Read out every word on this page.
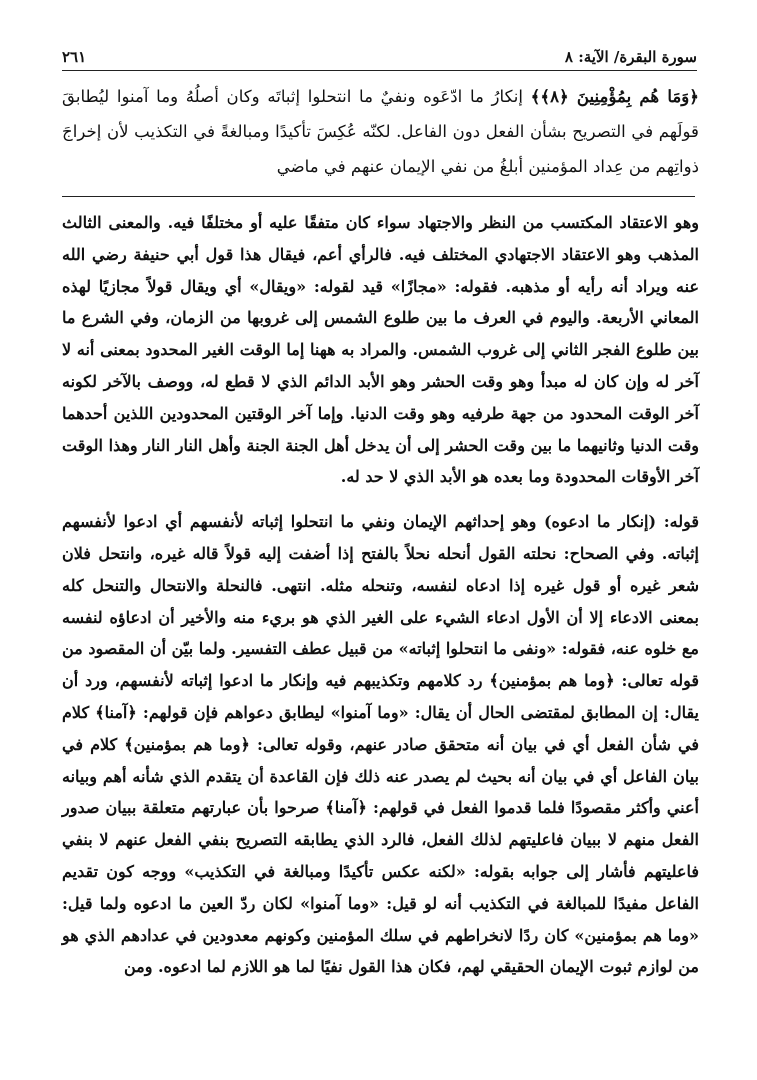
سورة البقرة/ الآية: ٨
٢٦١
﴿وَمَا هُم بِمُؤْمِنِينَ ﴿٨﴾﴾ إنكارُ ما ادّعَوه ونفيٌ ما انتحلوا إثباتَه وكان أصلُهُ وما آمنوا ليُطابقَ قولَهم في التصريح بشأن الفعل دون الفاعل. لكنّه عُكِسَ تأكيدًا ومبالغةً في التكذيب لأن إخراجَ ذواتِهم من عِداد المؤمنين أبلغُ من نفي الإيمان عنهم في ماضي

وهو الاعتقاد المكتسب من النظر والاجتهاد سواء كان متفقًا عليه أو مختلفًا فيه. والمعنى الثالث المذهب وهو الاعتقاد الاجتهادي المختلف فيه. فالرأي أعم، فيقال هذا قول أبي حنيفة رضي الله عنه ويراد أنه رأيه أو مذهبه. فقوله: «مجازًا» قيد لقوله: «ويقال» أي ويقال قولاً مجازيًا لهذه المعاني الأربعة. واليوم في العرف ما بين طلوع الشمس إلى غروبها من الزمان، وفي الشرع ما بين طلوع الفجر الثاني إلى غروب الشمس. والمراد به ههنا إما الوقت الغير المحدود بمعنى أنه لا آخر له وإن كان له مبدأ وهو وقت الحشر وهو الأبد الدائم الذي لا قطع له، ووصف بالآخر لكونه آخر الوقت المحدود من جهة طرفيه وهو وقت الدنيا. وإما آخر الوقتين المحدودين اللذين أحدهما وقت الدنيا وثانيهما ما بين وقت الحشر إلى أن يدخل أهل الجنة الجنة وأهل النار النار وهذا الوقت آخر الأوقات المحدودة وما بعده هو الأبد الذي لا حد له.

قوله: (إنكار ما ادعوه) وهو إحداثهم الإيمان ونفي ما انتحلوا إثباته لأنفسهم أي ادعوا لأنفسهم إثباته. وفي الصحاح: نحلته القول أنحله نحلاً بالفتح إذا أضفت إليه قولاً قاله غيره، وانتحل فلان شعر غيره أو قول غيره إذا ادعاه لنفسه، وتنحله مثله. انتهى. فالنحلة والانتحال والتنحل كله بمعنى الادعاء إلا أن الأول ادعاء الشيء على الغير الذي هو بريء منه والأخير أن ادعاؤه لنفسه مع خلوه عنه، فقوله: «ونفى ما انتحلوا إثباته» من قبيل عطف التفسير. ولما بيّن أن المقصود من قوله تعالى: ﴿وما هم بمؤمنين﴾ رد كلامهم وتكذيبهم فيه وإنكار ما ادعوا إثباته لأنفسهم، ورد أن يقال: إن المطابق لمقتضى الحال أن يقال: «وما آمنوا» ليطابق دعواهم فإن قولهم: ﴿آمنا﴾ كلام في شأن الفعل أي في بيان أنه متحقق صادر عنهم، وقوله تعالى: ﴿وما هم بمؤمنين﴾ كلام في بيان الفاعل أي في بيان أنه بحيث لم يصدر عنه ذلك فإن القاعدة أن يتقدم الذي شأنه أهم وبيانه أعني وأكثر مقصودًا فلما قدموا الفعل في قولهم: ﴿آمنا﴾ صرحوا بأن عبارتهم متعلقة ببيان صدور الفعل منهم لا ببيان فاعليتهم لذلك الفعل، فالرد الذي يطابقه التصريح بنفي الفعل عنهم لا بنفي فاعليتهم فأشار إلى جوابه بقوله: «لكنه عكس تأكيدًا ومبالغة في التكذيب» ووجه كون تقديم الفاعل مفيدًا للمبالغة في التكذيب أنه لو قيل: «وما آمنوا» لكان ردّ العين ما ادعوه ولما قيل: «وما هم بمؤمنين» كان ردًا لانخراطهم في سلك المؤمنين وكونهم معدودين في عدادهم الذي هو من لوازم ثبوت الإيمان الحقيقي لهم، فكان هذا القول نفيًا لما هو اللازم لما ادعوه. ومن
